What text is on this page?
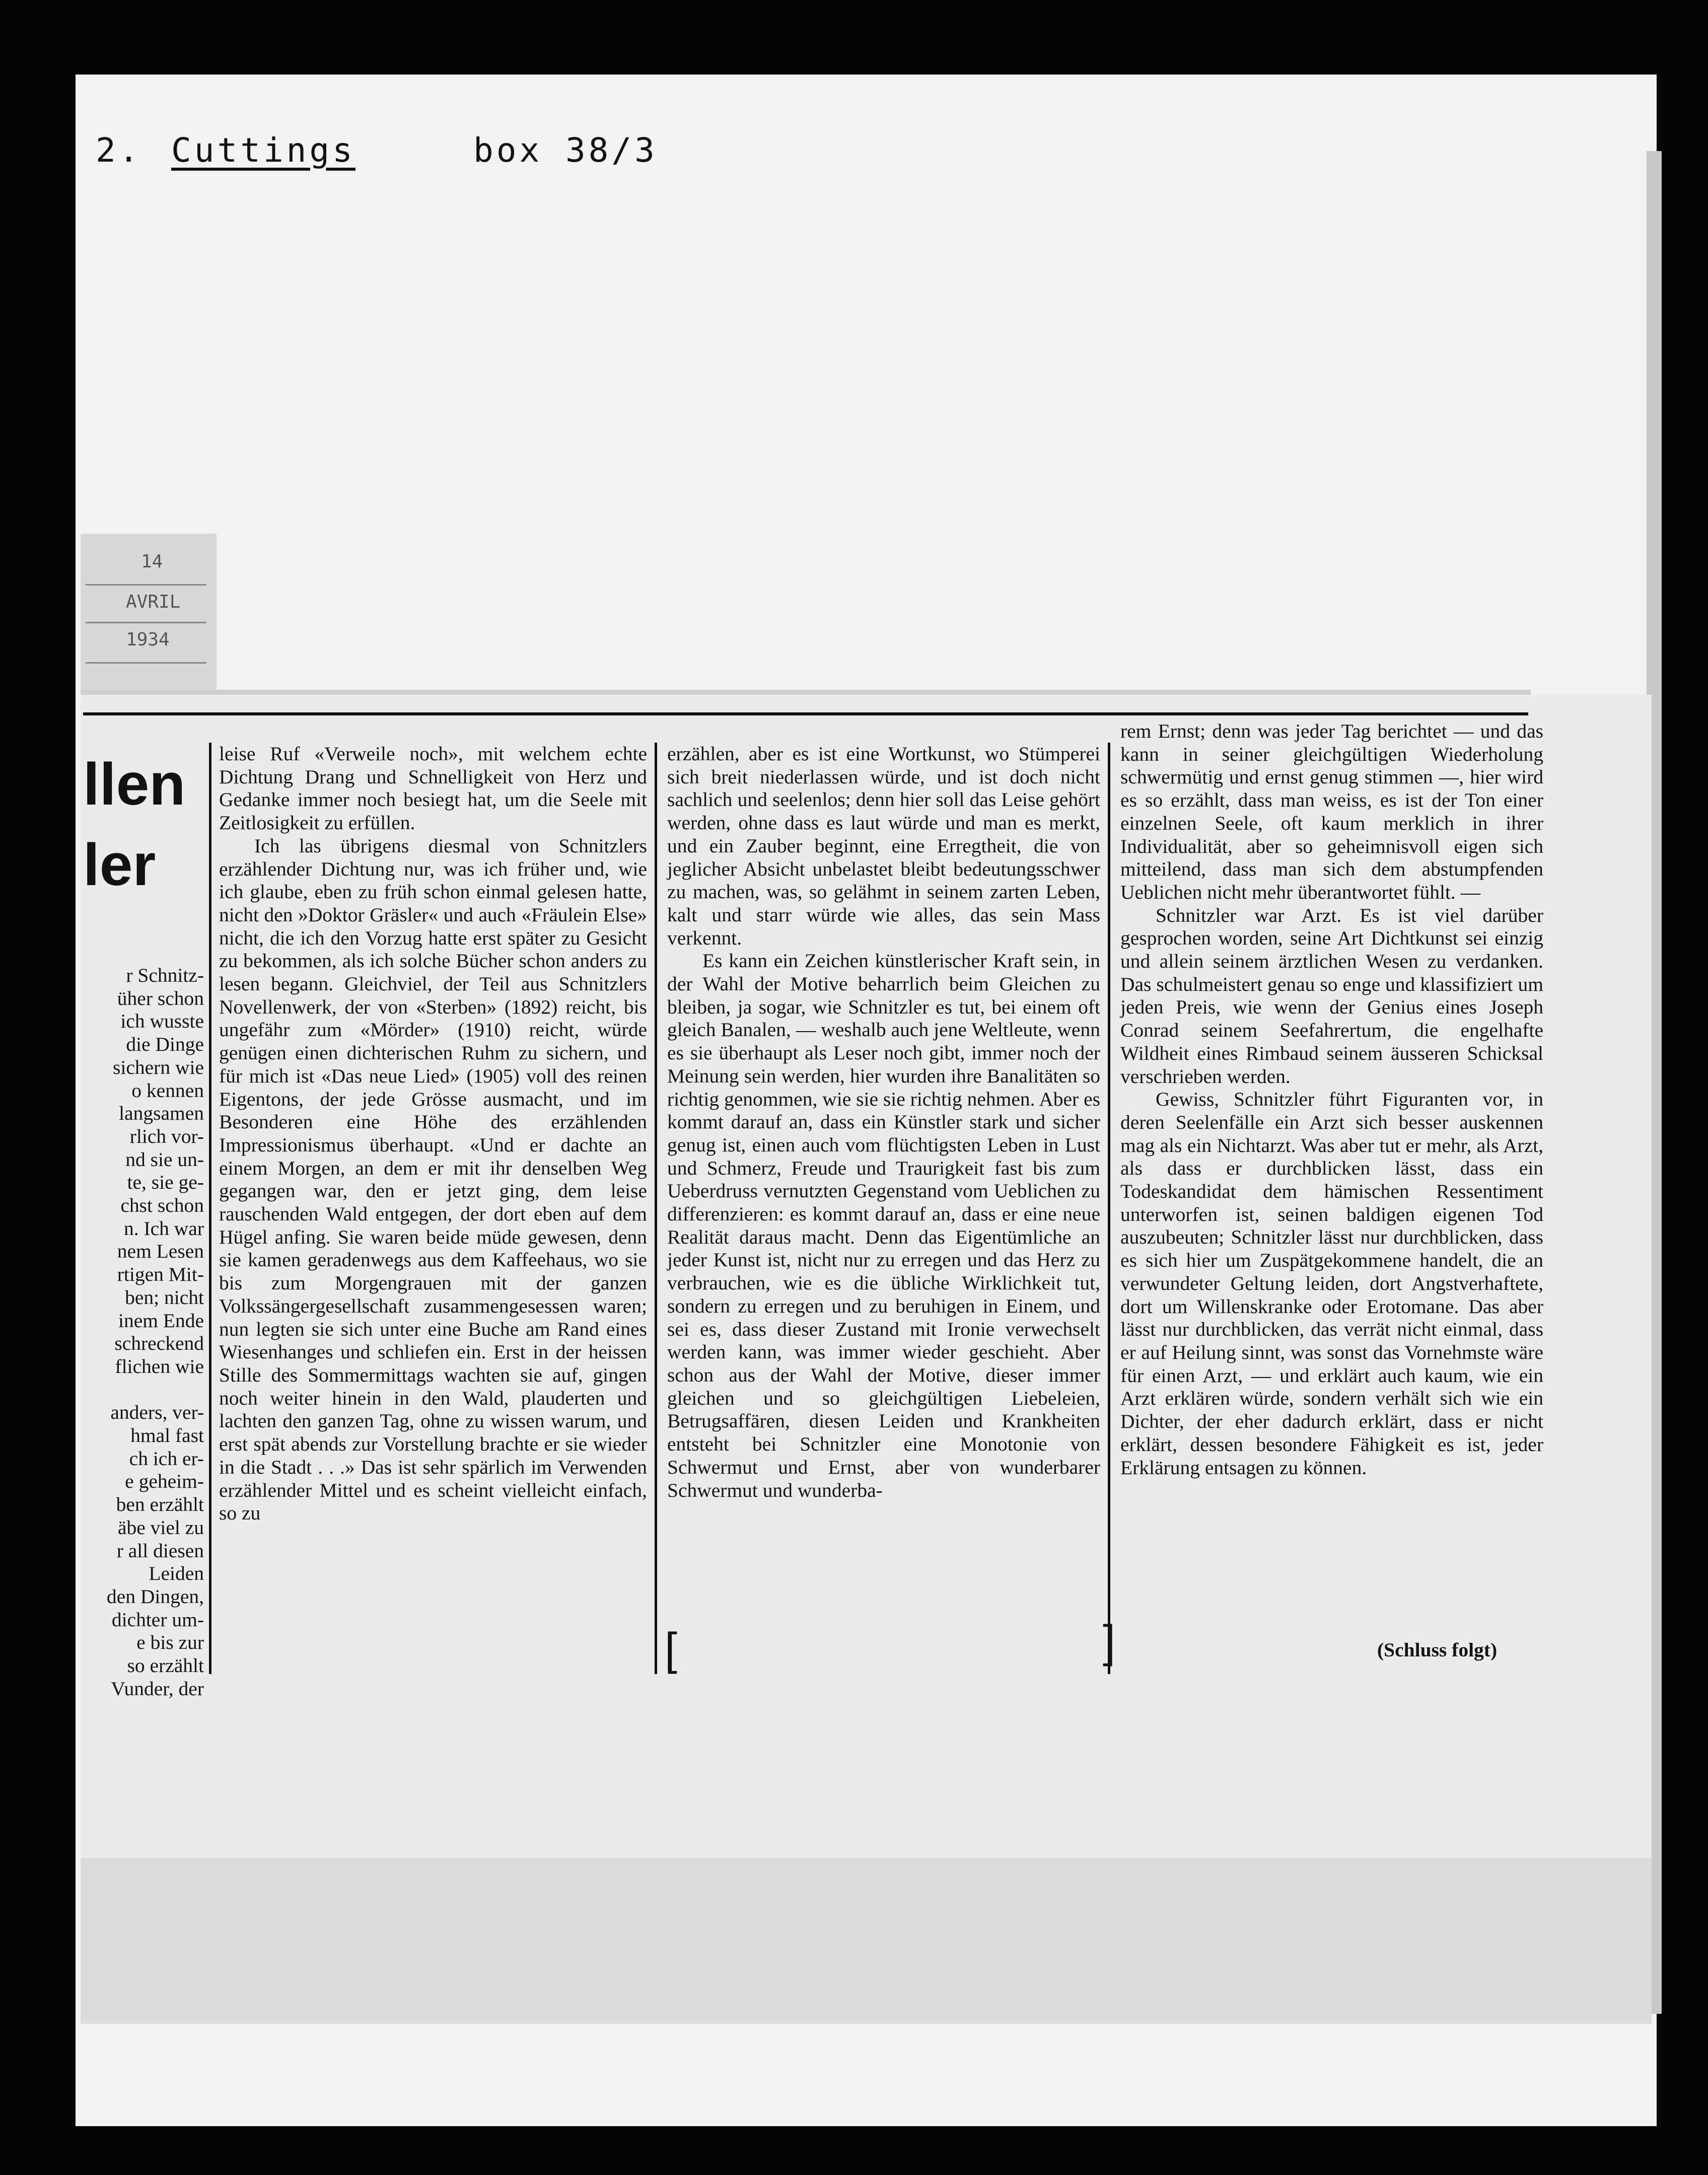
2. Cuttings	box 38/3
14
AVRIL
1934
llen
ler
r Schnitz-
üher schon
ich wusste
die Dinge
sichern wie
o kennen
langsamen
rlich vor-
nd sie un-
te, sie ge-
chst schon
n. Ich war
nem Lesen
rtigen Mit-
ben; nicht
inem Ende
schreckend
flichen wie

anders, ver-
hmal fast
ch ich er-
e geheim-
ben erzählt
äbe viel zu
r all diesen
Leiden
den Dingen,
dichter um-
e bis zur
so erzählt
Vunder, der

leise Ruf «Verweile noch», mit welchem echte Dichtung Drang und Schnelligkeit von Herz und Gedanke immer noch besiegt hat, um die Seele mit Zeitlosigkeit zu erfüllen.

Ich las übrigens diesmal von Schnitzlers erzählender Dichtung nur, was ich früher und, wie ich glaube, eben zu früh schon einmal gelesen hatte, nicht den »Doktor Gräsler« und auch «Fräulein Else» nicht, die ich den Vorzug hatte erst später zu Gesicht zu bekommen, als ich solche Bücher schon anders zu lesen begann. Gleichviel, der Teil aus Schnitzlers Novellenwerk, der von «Sterben» (1892) reicht, bis ungefähr zum «Mörder» (1910) reicht, würde genügen einen dichterischen Ruhm zu sichern, und für mich ist «Das neue Lied» (1905) voll des reinen Eigentons, der jede Grösse ausmacht, und im Besonderen eine Höhe des erzählenden Impressionismus überhaupt. «Und er dachte an einem Morgen, an dem er mit ihr denselben Weg gegangen war, den er jetzt ging, dem leise rauschenden Wald entgegen, der dort eben auf dem Hügel anfing. Sie waren beide müde gewesen, denn sie kamen geradenwegs aus dem Kaffeehaus, wo sie bis zum Morgengrauen mit der ganzen Volkssängergesellschaft zusammengesessen waren; nun legten sie sich unter eine Buche am Rand eines Wiesenhanges und schliefen ein. Erst in der heissen Stille des Sommermittags wachten sie auf, gingen noch weiter hinein in den Wald, plauderten und lachten den ganzen Tag, ohne zu wissen warum, und erst spät abends zur Vorstellung brachte er sie wieder in die Stadt . . .» Das ist sehr spärlich im Verwenden erzählender Mittel und es scheint vielleicht einfach, so zu

erzählen, aber es ist eine Wortkunst, wo Stümperei sich breit niederlassen würde, und ist doch nicht sachlich und seelenlos; denn hier soll das Leise gehört werden, ohne dass es laut würde und man es merkt, und ein Zauber beginnt, eine Erregtheit, die von jeglicher Absicht unbelastet bleibt bedeutungsschwer zu machen, was, so gelähmt in seinem zarten Leben, kalt und starr würde wie alles, das sein Mass verkennt.

Es kann ein Zeichen künstlerischer Kraft sein, in der Wahl der Motive beharrlich beim Gleichen zu bleiben, ja sogar, wie Schnitzler es tut, bei einem oft gleich Banalen, — weshalb auch jene Weltleute, wenn es sie überhaupt als Leser noch gibt, immer noch der Meinung sein werden, hier wurden ihre Banalitäten so richtig genommen, wie sie sie richtig nehmen. Aber es kommt darauf an, dass ein Künstler stark und sicher genug ist, einen auch vom flüchtigsten Leben in Lust und Schmerz, Freude und Traurigkeit fast bis zum Ueberdruss vernutzten Gegenstand vom Ueblichen zu differenzieren: es kommt darauf an, dass er eine neue Realität daraus macht. Denn das Eigentümliche an jeder Kunst ist, nicht nur zu erregen und das Herz zu verbrauchen, wie es die übliche Wirklichkeit tut, sondern zu erregen und zu beruhigen in Einem, und sei es, dass dieser Zustand mit Ironie verwechselt werden kann, was immer wieder geschieht. Aber schon aus der Wahl der Motive, dieser immer gleichen und so gleichgültigen Liebeleien, Betrugsaffären, diesen Leiden und Krankheiten entsteht bei Schnitzler eine Monotonie von Schwermut und Ernst, aber von wunderbarer Schwermut und wunderba-

rem Ernst; denn was jeder Tag berichtet — und das kann in seiner gleichgültigen Wiederholung schwermütig und ernst genug stimmen —, hier wird es so erzählt, dass man weiss, es ist der Ton einer einzelnen Seele, oft kaum merklich in ihrer Individualität, aber so geheimnisvoll eigen sich mitteilend, dass man sich dem abstumpfenden Ueblichen nicht mehr überantwortet fühlt. —

Schnitzler war Arzt. Es ist viel darüber gesprochen worden, seine Art Dichtkunst sei einzig und allein seinem ärztlichen Wesen zu verdanken. Das schulmeistert genau so enge und klassifiziert um jeden Preis, wie wenn der Genius eines Joseph Conrad seinem Seefahrertum, die engelhafte Wildheit eines Rimbaud seinem äusseren Schicksal verschrieben werden.

Gewiss, Schnitzler führt Figuranten vor, in deren Seelenfälle ein Arzt sich besser auskennen mag als ein Nichtarzt. Was aber tut er mehr, als Arzt, als dass er durchblicken lässt, dass ein Todeskandidat dem hämischen Ressentiment unterworfen ist, seinen baldigen eigenen Tod auszubeuten; Schnitzler lässt nur durchblicken, dass es sich hier um Zuspätgekommene handelt, die an verwundeter Geltung leiden, dort Angstverhaftete, dort um Willenskranke oder Erotomane. Das aber lässt nur durchblicken, das verrät nicht einmal, dass er auf Heilung sinnt, was sonst das Vornehmste wäre für einen Arzt, — und erklärt auch kaum, wie ein Arzt erklären würde, sondern verhält sich wie ein Dichter, der eher dadurch erklärt, dass er nicht erklärt, dessen besondere Fähigkeit es ist, jeder Erklärung entsagen zu können.

(Schluss folgt)
[	]
